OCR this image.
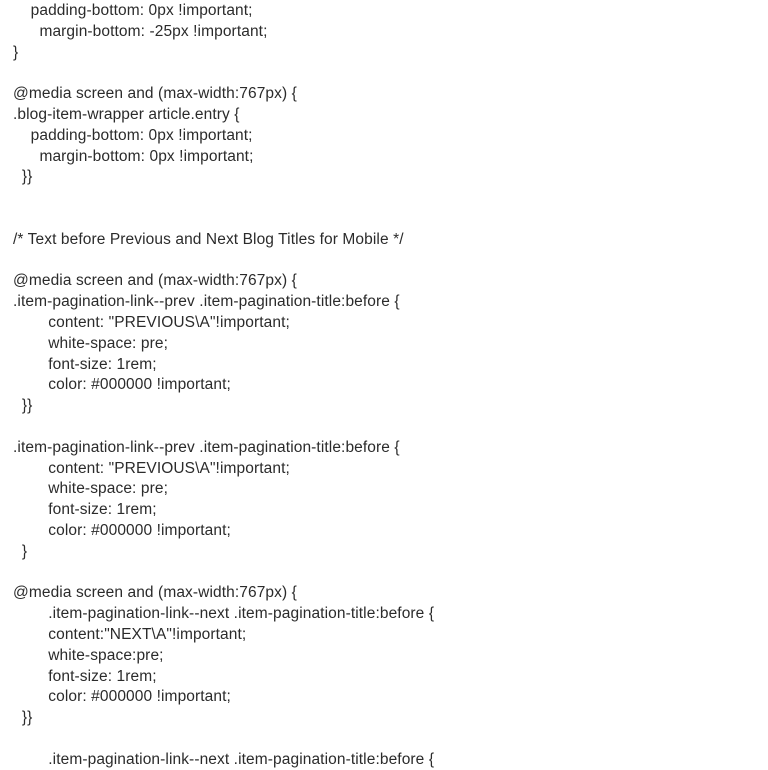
padding-bottom: 0px !important;
margin-bottom: -25px !important;
}
@media screen and (max-width:767px) {
.blog-item-wrapper article.entry {
padding-bottom: 0px !important;
margin-bottom: 0px !important;
}}
/* Text before Previous and Next Blog Titles for Mobile */
@media screen and (max-width:767px) {
.item-pagination-link--prev .item-pagination-title:before {
content: "PREVIOUS\A"!important;
white-space: pre;
font-size: 1rem;
color: #000000 !important;
}}
.item-pagination-link--prev .item-pagination-title:before {
content: "PREVIOUS\A"!important;
white-space: pre;
font-size: 1rem;
color: #000000 !important;
}
@media screen and (max-width:767px) {
.item-pagination-link--next .item-pagination-title:before {
content:"NEXT\A"!important;
white-space:pre;
font-size: 1rem;
color: #000000 !important;
}}
.item-pagination-link--next .item-pagination-title:before {
